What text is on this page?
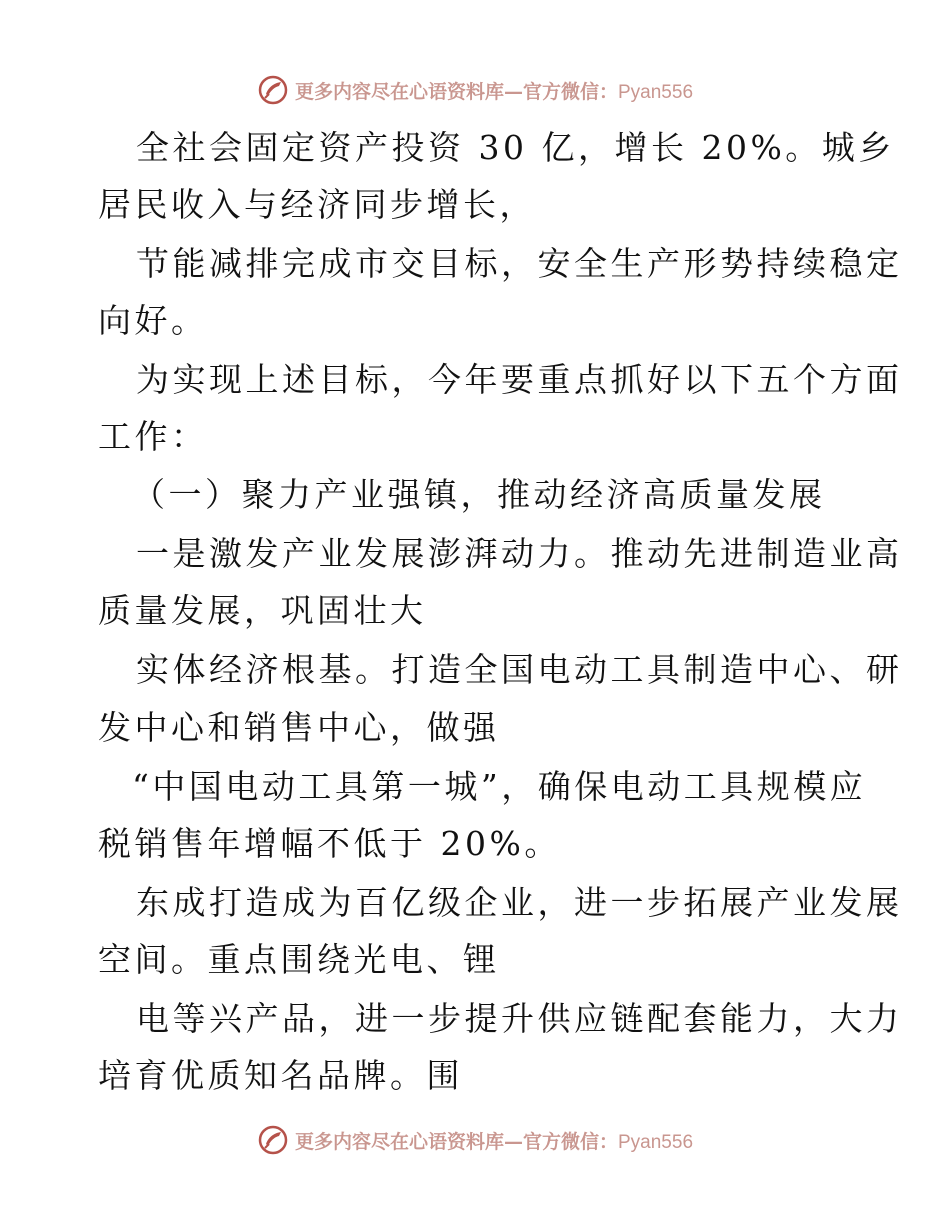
更多内容尽在心语资料库—官方微信：Pyan556
全社会固定资产投资 30 亿，增长 20%。城乡
居民收入与经济同步增长，
节能减排完成市交目标，安全生产形势持续稳定
向好。
为实现上述目标，今年要重点抓好以下五个方面
工作：
（一）聚力产业强镇，推动经济高质量发展
一是激发产业发展澎湃动力。推动先进制造业高
质量发展，巩固壮大
实体经济根基。打造全国电动工具制造中心、研
发中心和销售中心，做强
“中国电动工具第一城”，确保电动工具规模应
税销售年增幅不低于 20%。
东成打造成为百亿级企业，进一步拓展产业发展
空间。重点围绕光电、锂
电等兴产品，进一步提升供应链配套能力，大力
培育优质知名品牌。围
更多内容尽在心语资料库—官方微信：Pyan556
